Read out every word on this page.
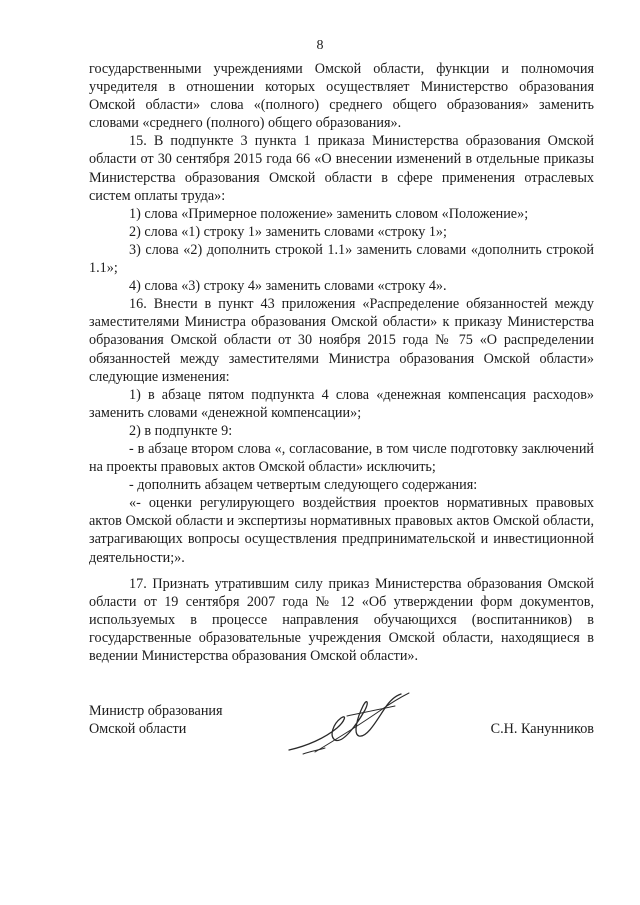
8

государственными учреждениями Омской области, функции и полномочия учредителя в отношении которых осуществляет Министерство образования Омской области» слова «(полного) среднего общего образования» заменить словами «среднего (полного) общего образования».

15. В подпункте 3 пункта 1 приказа Министерства образования Омской области от 30 сентября 2015 года 66 «О внесении изменений в отдельные приказы Министерства образования Омской области в сфере применения отраслевых систем оплаты труда»:

1) слова «Примерное положение» заменить словом «Положение»;

2) слова «1) строку 1» заменить словами «строку 1»;

3) слова «2) дополнить строкой 1.1» заменить словами «дополнить строкой 1.1»;

4) слова «3) строку 4» заменить словами «строку 4».

16. Внести в пункт 43 приложения «Распределение обязанностей между заместителями Министра образования Омской области» к приказу Министерства образования Омской области от 30 ноября 2015 года № 75 «О распределении обязанностей между заместителями Министра образования Омской области» следующие изменения:

1) в абзаце пятом подпункта 4 слова «денежная компенсация расходов» заменить словами «денежной компенсации»;

2) в подпункте 9:

- в абзаце втором слова «, согласование, в том числе подготовку заключений на проекты правовых актов Омской области» исключить;

- дополнить абзацем четвертым следующего содержания:

«- оценки регулирующего воздействия проектов нормативных правовых актов Омской области и экспертизы нормативных правовых актов Омской области, затрагивающих вопросы осуществления предпринимательской и инвестиционной деятельности;».

17. Признать утратившим силу приказ Министерства образования Омской области от 19 сентября 2007 года № 12 «Об утверждении форм документов, используемых в процессе направления обучающихся (воспитанников) в государственные образовательные учреждения Омской области, находящиеся в ведении Министерства образования Омской области».

Министр образования
Омской области	С.Н. Канунников
